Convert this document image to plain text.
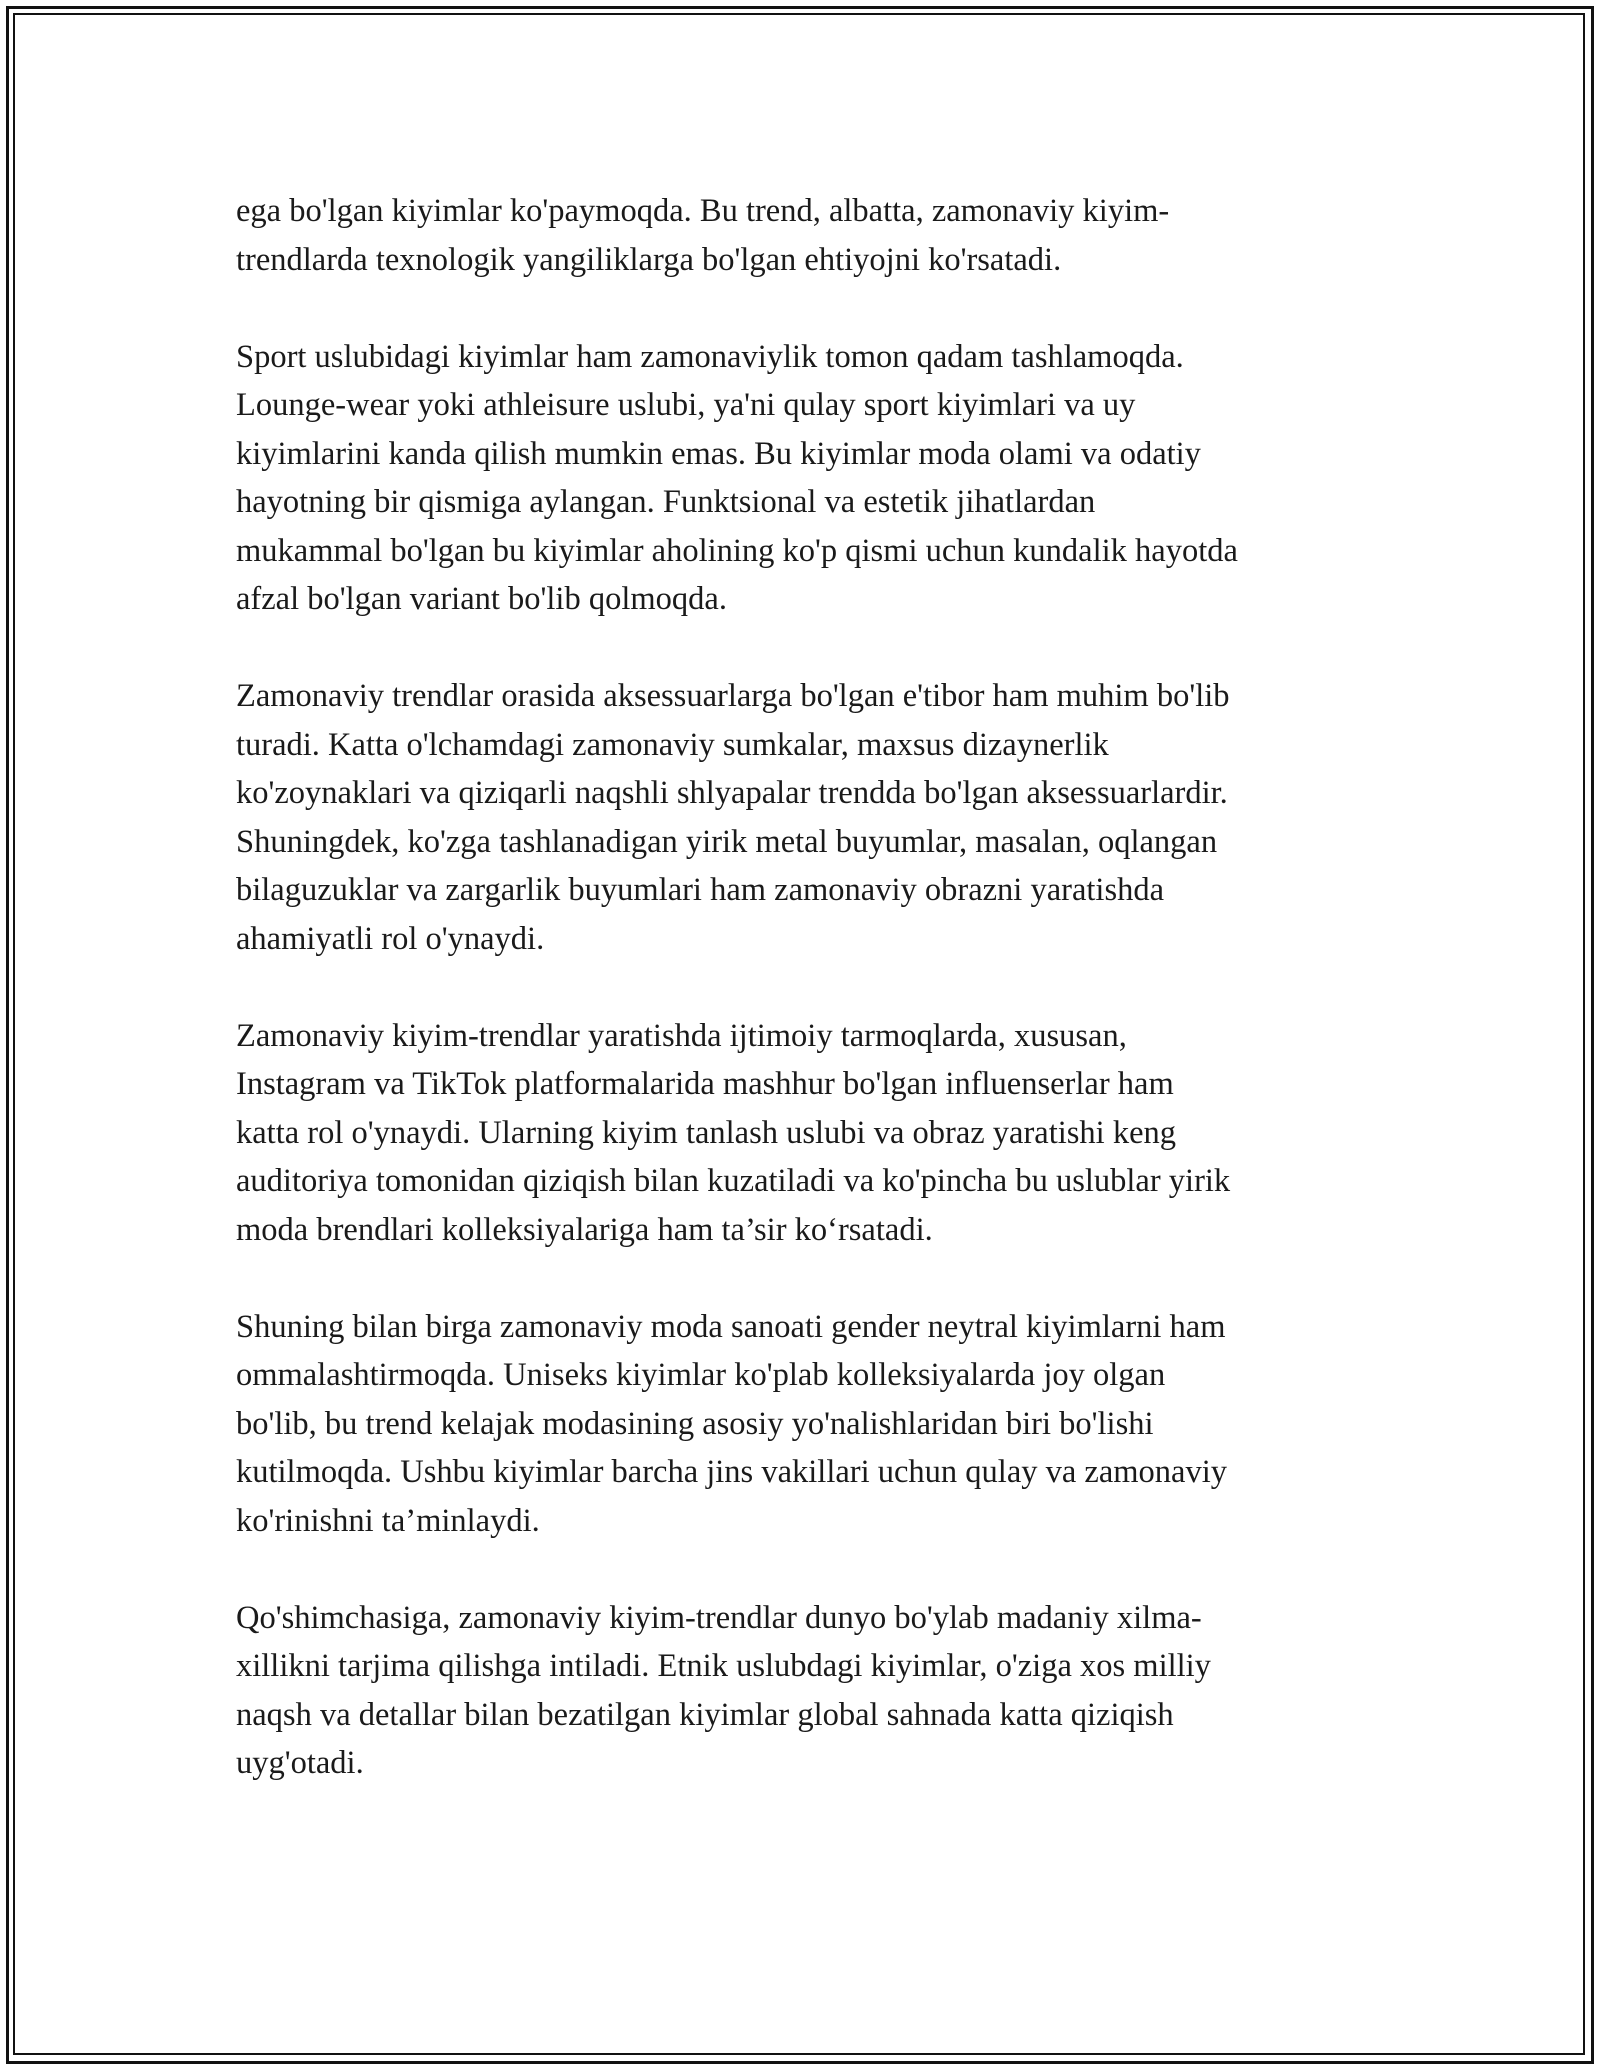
ega bo'lgan kiyimlar ko'paymoqda. Bu trend, albatta, zamonaviy kiyim-
trendlarda texnologik yangiliklarga bo'lgan ehtiyojni ko'rsatadi.

Sport uslubidagi kiyimlar ham zamonaviylik tomon qadam tashlamoqda.
Lounge-wear yoki athleisure uslubi, ya'ni qulay sport kiyimlari va uy
kiyimlarini kanda qilish mumkin emas. Bu kiyimlar moda olami va odatiy
hayotning bir qismiga aylangan. Funktsional va estetik jihatlardan
mukammal bo'lgan bu kiyimlar aholining ko'p qismi uchun kundalik hayotda
afzal bo'lgan variant bo'lib qolmoqda.

Zamonaviy trendlar orasida aksessuarlarga bo'lgan e'tibor ham muhim bo'lib
turadi. Katta o'lchamdagi zamonaviy sumkalar, maxsus dizaynerlik
ko'zoynaklari va qiziqarli naqshli shlyapalar trendda bo'lgan aksessuarlardir.
Shuningdek, ko'zga tashlanadigan yirik metal buyumlar, masalan, oqlangan
bilaguzuklar va zargarlik buyumlari ham zamonaviy obrazni yaratishda
ahamiyatli rol o'ynaydi.

Zamonaviy kiyim-trendlar yaratishda ijtimoiy tarmoqlarda, xususan,
Instagram va TikTok platformalarida mashhur bo'lgan influenserlar ham
katta rol o'ynaydi. Ularning kiyim tanlash uslubi va obraz yaratishi keng
auditoriya tomonidan qiziqish bilan kuzatiladi va ko'pincha bu uslublar yirik
moda brendlari kolleksiyalariga ham ta’sir ko‘rsatadi.

Shuning bilan birga zamonaviy moda sanoati gender neytral kiyimlarni ham
ommalashtirmoqda. Uniseks kiyimlar ko'plab kolleksiyalarda joy olgan
bo'lib, bu trend kelajak modasining asosiy yo'nalishlaridan biri bo'lishi
kutilmoqda. Ushbu kiyimlar barcha jins vakillari uchun qulay va zamonaviy
ko'rinishni ta’minlaydi.

Qo'shimchasiga, zamonaviy kiyim-trendlar dunyo bo'ylab madaniy xilma-
xillikni tarjima qilishga intiladi. Etnik uslubdagi kiyimlar, o'ziga xos milliy
naqsh va detallar bilan bezatilgan kiyimlar global sahnada katta qiziqish
uyg'otadi.
